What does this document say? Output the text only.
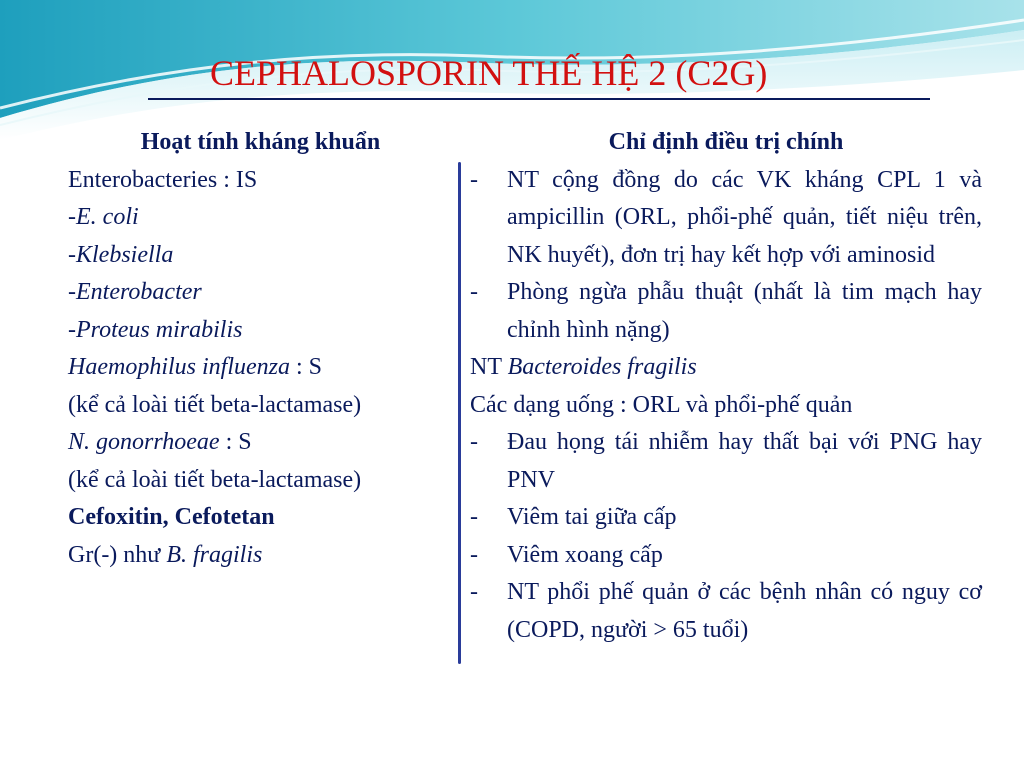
CEPHALOSPORIN THẾ HỆ 2 (C2G)
Hoạt tính kháng khuẩn
Enterobacteries : IS
-E. coli
-Klebsiella
-Enterobacter
-Proteus mirabilis
Haemophilus influenza : S
(kể cả loài tiết beta-lactamase)
N. gonorrhoeae : S
(kể cả loài tiết beta-lactamase)
Cefoxitin, Cefotetan
Gr(-) như B. fragilis
Chỉ định điều trị chính
-	NT cộng đồng do các VK kháng CPL 1 và ampicillin (ORL, phổi-phế quản, tiết niệu trên, NK huyết), đơn trị hay kết hợp với aminosid
-	Phòng ngừa phẫu thuật (nhất là tim mạch hay chỉnh hình nặng)
NT Bacteroides fragilis
Các dạng uống : ORL và phổi-phế quản
-	Đau họng tái nhiễm hay thất bại với PNG hay PNV
-	Viêm tai giữa cấp
-	Viêm xoang cấp
-	NT phổi phế quản ở các bệnh nhân có nguy cơ (COPD, người > 65 tuổi)
